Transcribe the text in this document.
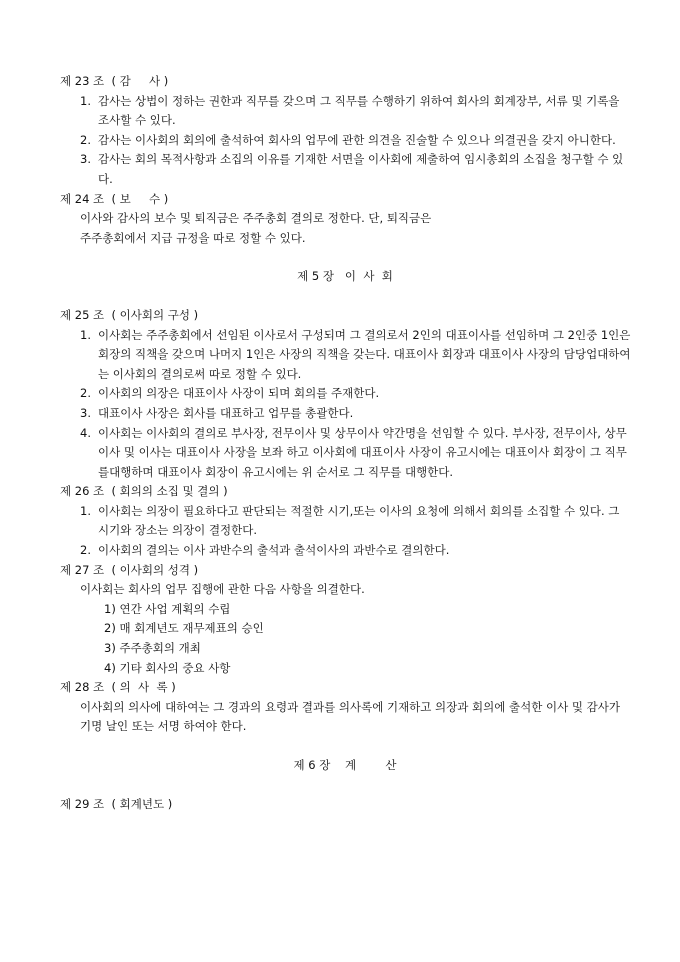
제 23 조  ( 감     사 )
1. 감사는 상법이 정하는 권한과 직무를 갖으며 그 직무를 수행하기 위하여 회사의 회계장부, 서류 및 기록을 조사할 수 있다.
2. 감사는 이사회의 회의에 출석하여 회사의 업무에 관한 의견을 진술할 수 있으나 의결권을 갖지 아니한다.
3. 감사는 회의 목적사항과 소집의 이유를 기재한 서면을 이사회에 제출하여 임시총회의 소집을 청구할 수 있다.
제 24 조  ( 보     수 )
이사와 감사의 보수 및 퇴직금은 주주총회 결의로 정한다. 단, 퇴직금은
주주총회에서 지급 규정을 따로 정할 수 있다.
제 5 장   이  사  회
제 25 조  ( 이사회의 구성 )
1. 이사회는 주주총회에서 선임된 이사로서 구성되며 그 결의로서 2인의 대표이사를 선임하며 그 2인중 1인은 회장의 직책을 갖으며 나머지 1인은 사장의 직책을 갖는다. 대표이사 회장과 대표이사 사장의 담당업대하여는 이사회의 결의로써 따로 정할 수 있다.
2. 이사회의 의장은 대표이사 사장이 되며 회의를 주재한다.
3. 대표이사 사장은 회사를 대표하고 업무를 총괄한다.
4. 이사회는 이사회의 결의로 부사장, 전무이사 및 상무이사 약간명을 선임할 수 있다. 부사장, 전무이사, 상무이사 및 이사는 대표이사 사장을 보좌 하고 이사회에 대표이사 사장이 유고시에는 대표이사 회장이 그 직무를대행하며 대표이사 회장이 유고시에는 위 순서로 그 직무를 대행한다.
제 26 조  ( 회의의 소집 및 결의 )
1. 이사회는 의장이 필요하다고 판단되는 적절한 시기,또는 이사의 요청에 의해서 회의를 소집할 수 있다. 그 시기와 장소는 의장이 결정한다.
2. 이사회의 결의는 이사 과반수의 출석과 출석이사의 과반수로 결의한다.
제 27 조  ( 이사회의 성격 )
이사회는 회사의 업무 집행에 관한 다음 사항을 의결한다.
1) 연간 사업 계획의 수립
2) 매 회계년도 재무제표의 승인
3) 주주총회의 개최
4) 기타 회사의 중요 사항
제 28 조  ( 의  사  록 )
이사회의 의사에 대하여는 그 경과의 요령과 결과를 의사록에 기재하고 의장과 회의에 출석한 이사 및 감사가 기명 날인 또는 서명 하여야 한다.
제 6 장    계        산
제 29 조  ( 회계년도 )
